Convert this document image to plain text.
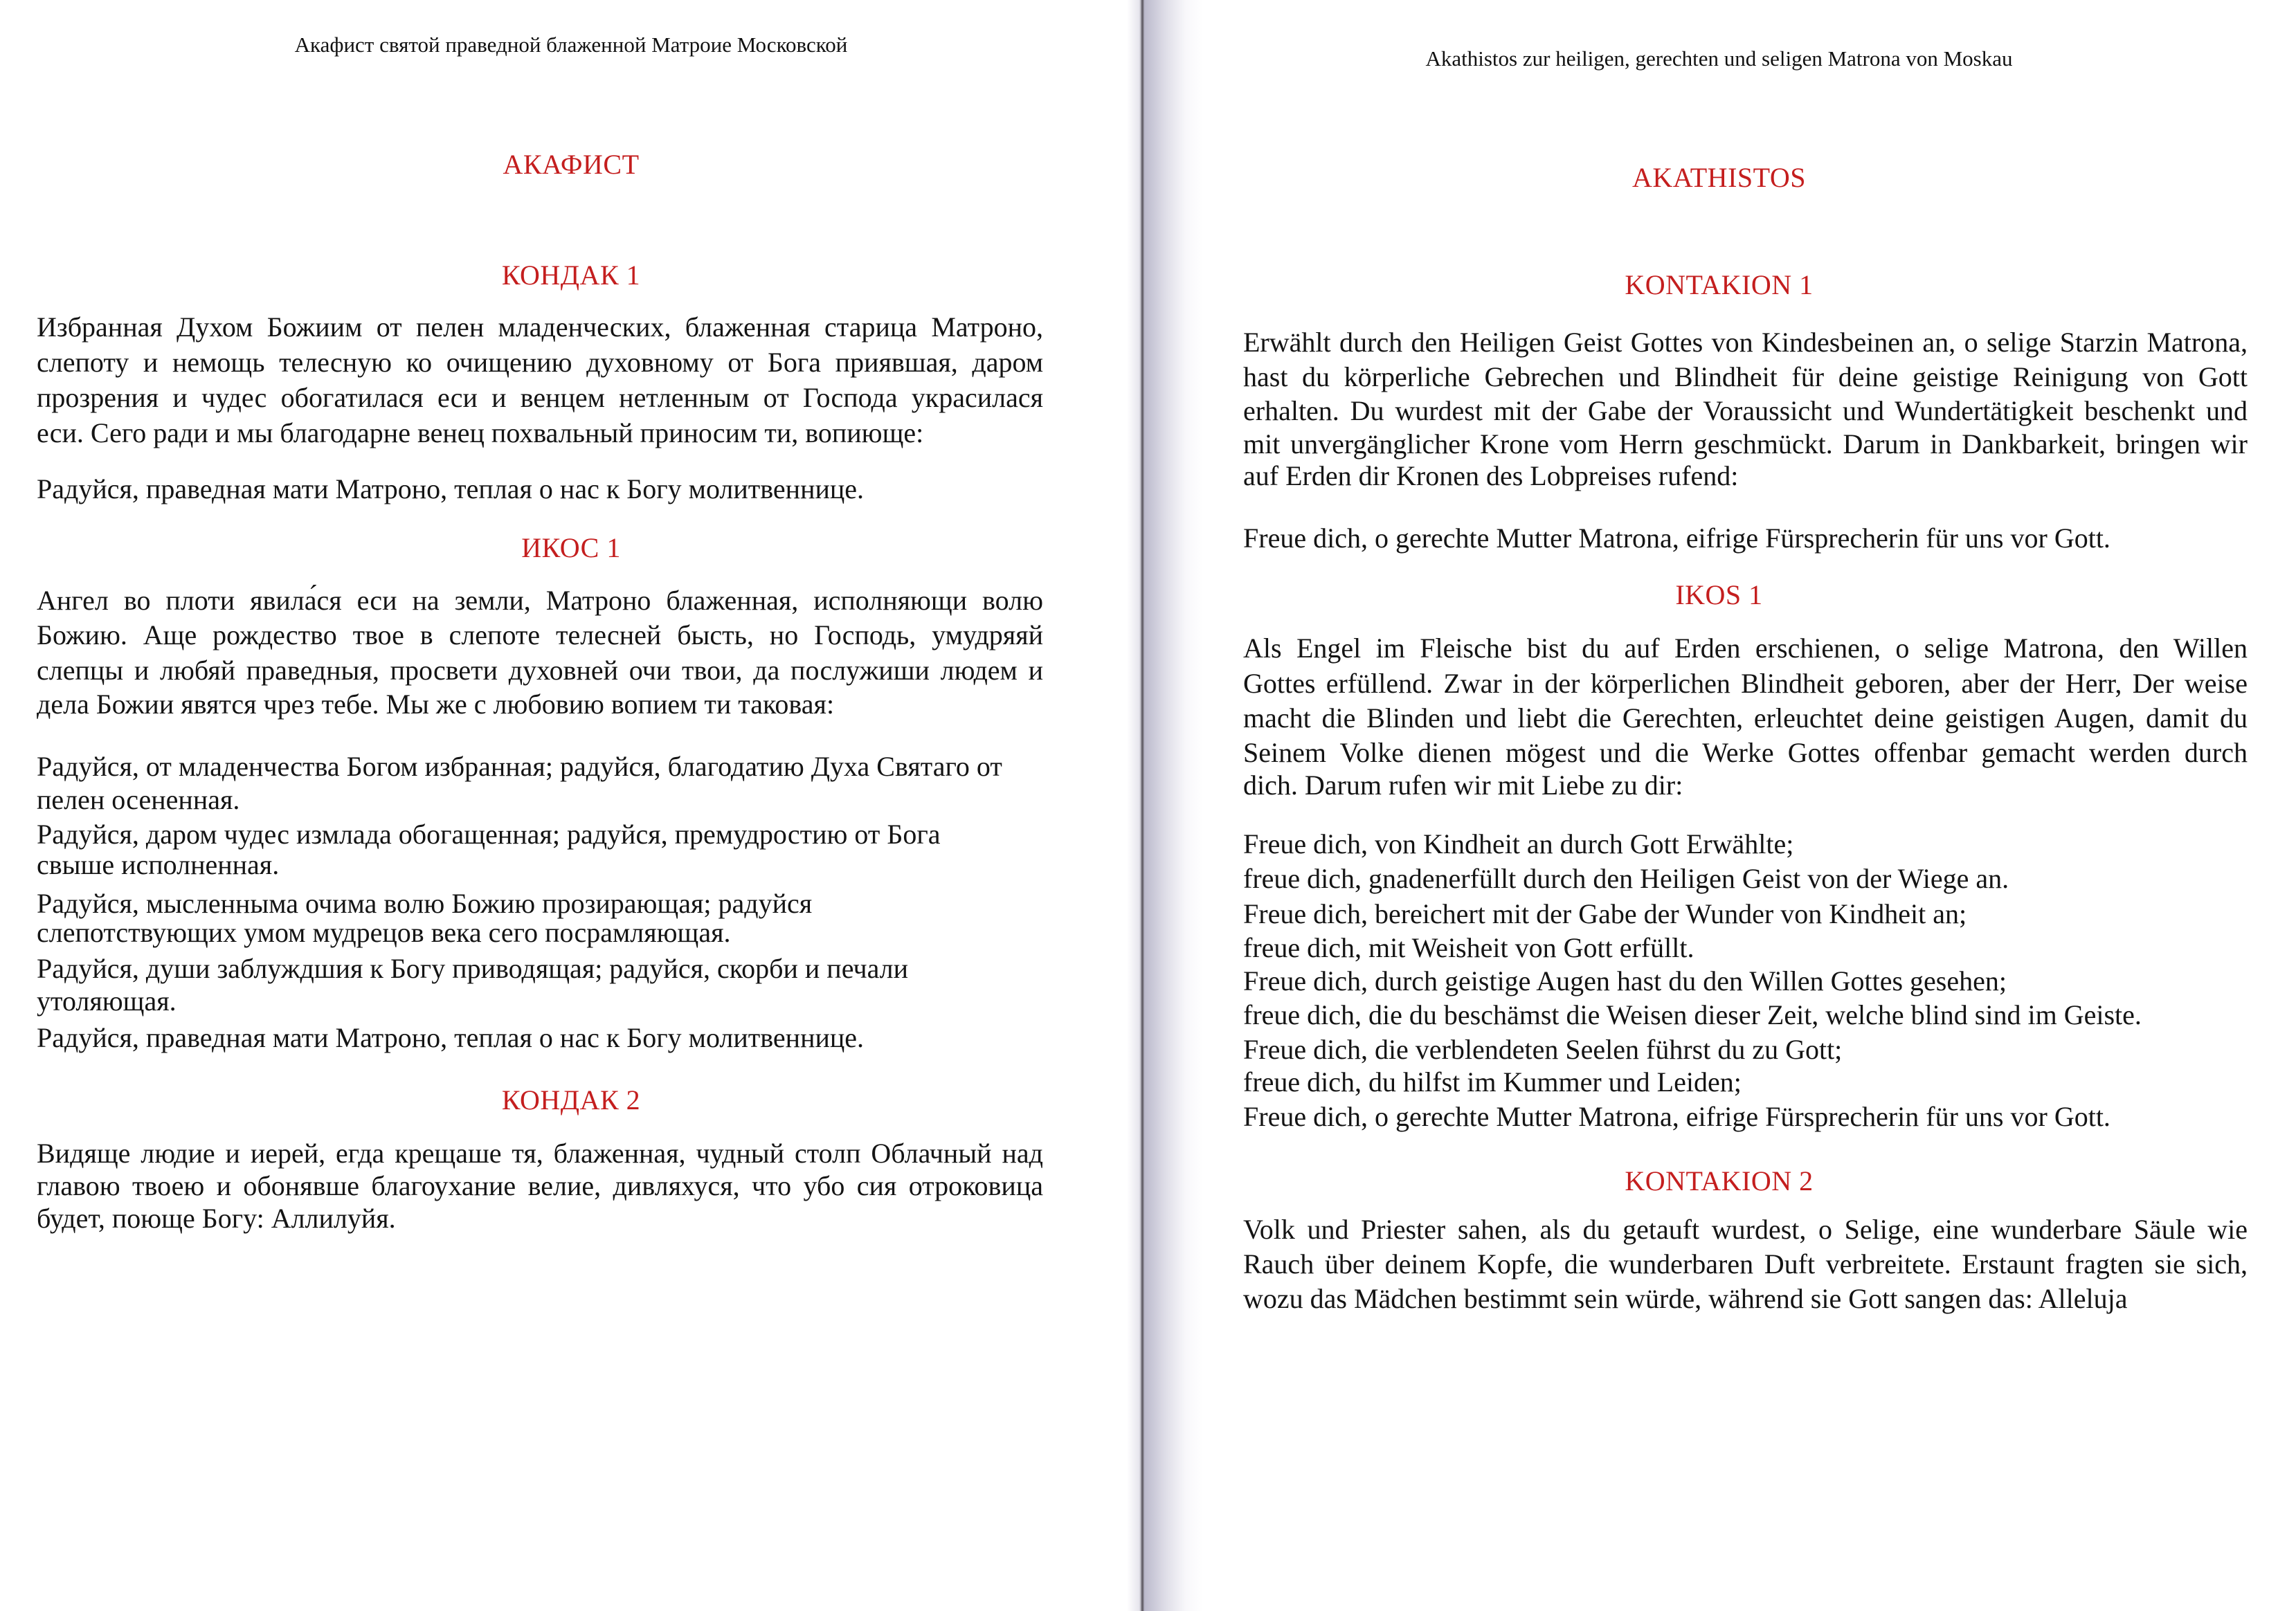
Акафист святой праведной блаженной Матроие Московской
АКАФИСТ
КОНДАК 1
ИКОС 1
КОНДАК 2
Избранная Духом Божиим от пелен младенческих, блаженная старица Матроно,
слепоту и немощь телесную ко очищению духовному от Бога приявшая, даром
прозрения и чудес обогатилася еси и венцем нетленным от Господа украсилася
еси. Сего ради и мы благодарне венец похвальный приносим ти, вопиюще:
Радуйся, праведная мати Матроно, теплая о нас к Богу молитвеннице.
Ангел во плоти явила́ся еси на земли, Матроно блаженная, исполняющи волю
Божию. Аще рождество твое в слепоте телесней бысть, но Господь, умудряяй
слепцы и любяй праведныя, просвети духовней очи твои, да послужиши людем и
дела Божии явятся чрез тебе. Мы же с любовию вопием ти таковая:
Радуйся, от младенчества Богом избранная; радуйся, благодатию Духа Святаго от
пелен осененная.
Радуйся, даром чудес измлада обогащенная; радуйся, премудростию от Бога
свыше исполненная.
Радуйся, мысленныма очима волю Божию прозирающая; радуйся
слепотствующих умом мудрецов века сего посрамляющая.
Радуйся, души заблуждшия к Богу приводящая; радуйся, скорби и печали
утоляющая.
Радуйся, праведная мати Матроно, теплая о нас к Богу молитвеннице.
Видяще людие и иерей, егда крещаше тя, блаженная, чудный столп Облачный над
главою твоею и обонявше благоухание велие, дивляхуся, что убо сия отроковица
будет, поюще Богу: Аллилуйя.
Akathistos zur heiligen, gerechten und seligen Matrona von Moskau
AKATHISTOS
KONTAKION 1
IKOS 1
KONTAKION 2
Erwählt durch den Heiligen Geist Gottes von Kindesbeinen an, o selige Starzin Matrona,
hast du körperliche Gebrechen und Blindheit für deine geistige Reinigung von Gott
erhalten. Du wurdest mit der Gabe der Voraussicht und Wundertätigkeit beschenkt und
mit unvergänglicher Krone vom Herrn geschmückt. Darum in Dankbarkeit, bringen wir
auf Erden dir Kronen des Lobpreises rufend:
Freue dich, o gerechte Mutter Matrona, eifrige Fürsprecherin für uns vor Gott.
Als Engel im Fleische bist du auf Erden erschienen, o selige Matrona, den Willen
Gottes erfüllend. Zwar in der körperlichen Blindheit geboren, aber der Herr, Der weise
macht die Blinden und liebt die Gerechten, erleuchtet deine geistigen Augen, damit du
Seinem Volke dienen mögest und die Werke Gottes offenbar gemacht werden durch
dich. Darum rufen wir mit Liebe zu dir:
Freue dich, von Kindheit an durch Gott Erwählte;
freue dich, gnadenerfüllt durch den Heiligen Geist von der Wiege an.
Freue dich, bereichert mit der Gabe der Wunder von Kindheit an;
freue dich, mit Weisheit von Gott erfüllt.
Freue dich, durch geistige Augen hast du den Willen Gottes gesehen;
freue dich, die du beschämst die Weisen dieser Zeit, welche blind sind im Geiste.
Freue dich, die verblendeten Seelen führst du zu Gott;
freue dich, du hilfst im Kummer und Leiden;
Freue dich, o gerechte Mutter Matrona, eifrige Fürsprecherin für uns vor Gott.
Volk und Priester sahen, als du getauft wurdest, o Selige, eine wunderbare Säule wie
Rauch über deinem Kopfe, die wunderbaren Duft verbreitete. Erstaunt fragten sie sich,
wozu das Mädchen bestimmt sein würde, während sie Gott sangen das: Alleluja
